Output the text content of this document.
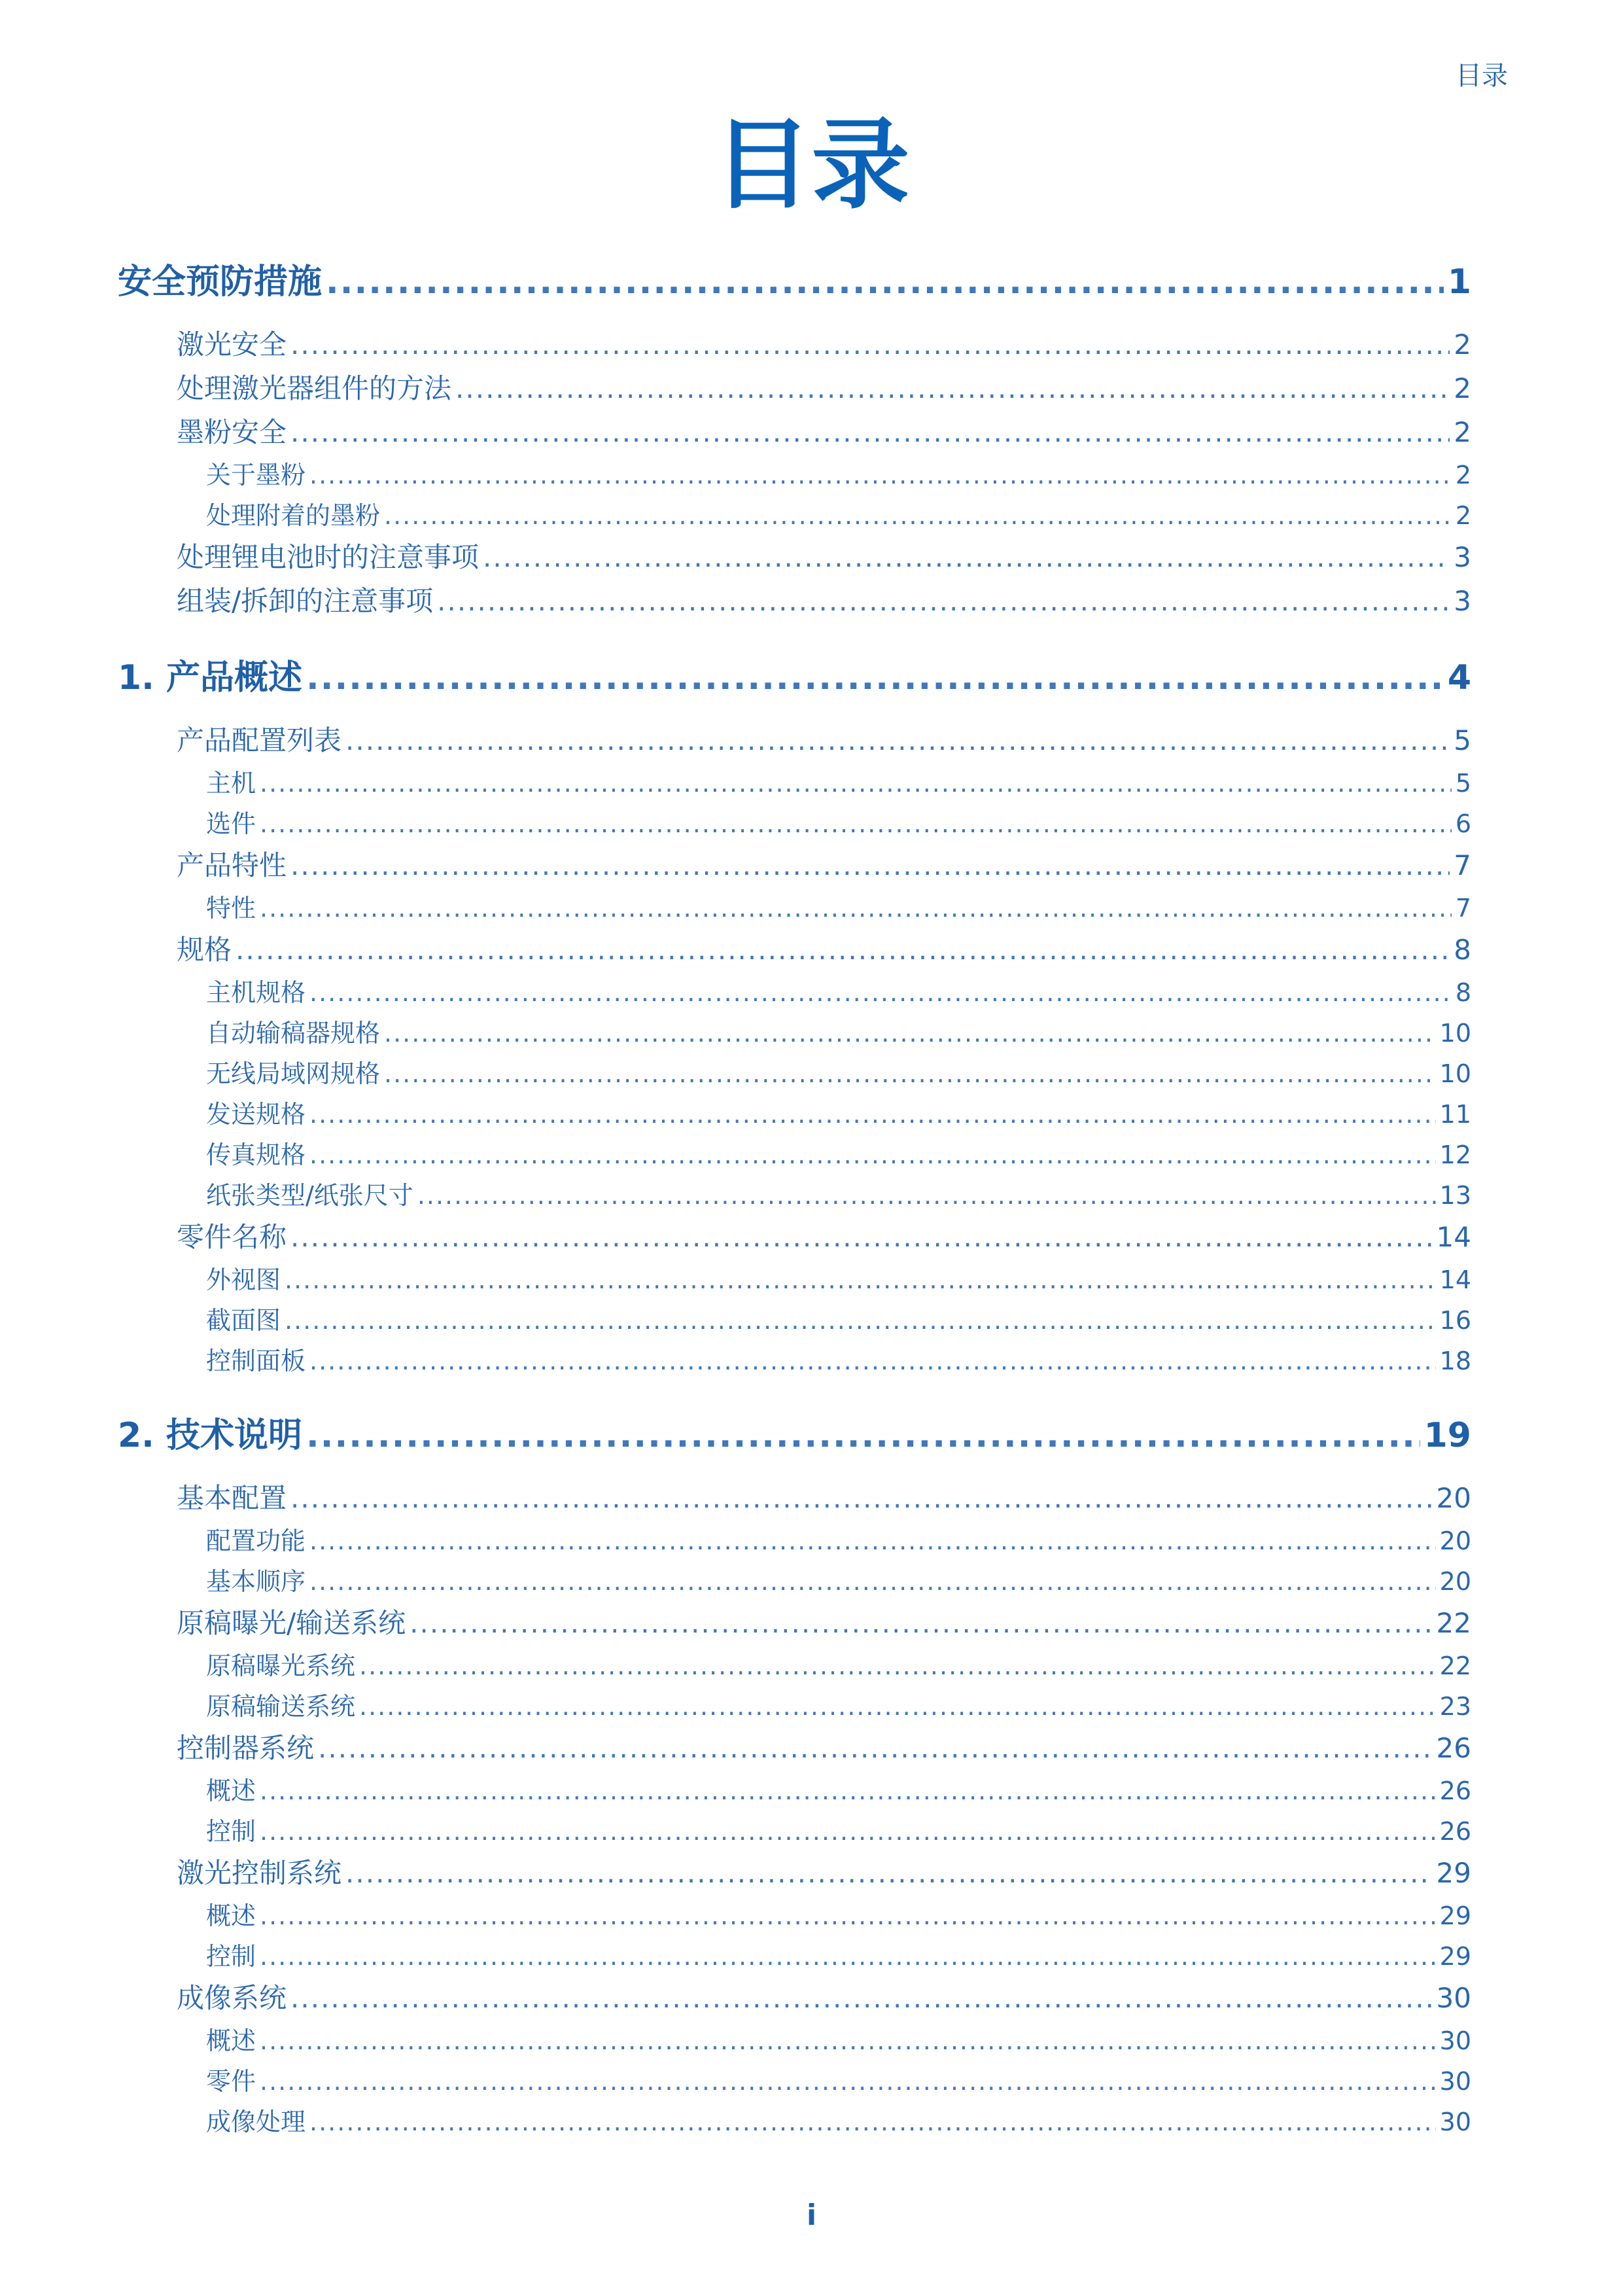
目录
目录
安全预防措施 .....	1
激光安全 .....	2
处理激光器组件的方法 .....	2
墨粉安全 .....	2
关于墨粉 .....	2
处理附着的墨粉 .....	2
处理锂电池时的注意事项 .....	3
组装/拆卸的注意事项 .....	3
1. 产品概述 .....	4
产品配置列表 .....	5
主机 .....	5
选件 .....	6
产品特性 .....	7
特性 .....	7
规格 .....	8
主机规格 .....	8
自动输稿器规格 .....	10
无线局域网规格 .....	10
发送规格 .....	11
传真规格 .....	12
纸张类型/纸张尺寸 .....	13
零件名称 .....	14
外视图 .....	14
截面图 .....	16
控制面板 .....	18
2. 技术说明 .....	19
基本配置 .....	20
配置功能 .....	20
基本顺序 .....	20
原稿曝光/输送系统 .....	22
原稿曝光系统 .....	22
原稿输送系统 .....	23
控制器系统 .....	26
概述 .....	26
控制 .....	26
激光控制系统 .....	29
概述 .....	29
控制 .....	29
成像系统 .....	30
概述 .....	30
零件 .....	30
成像处理 .....	30
i
